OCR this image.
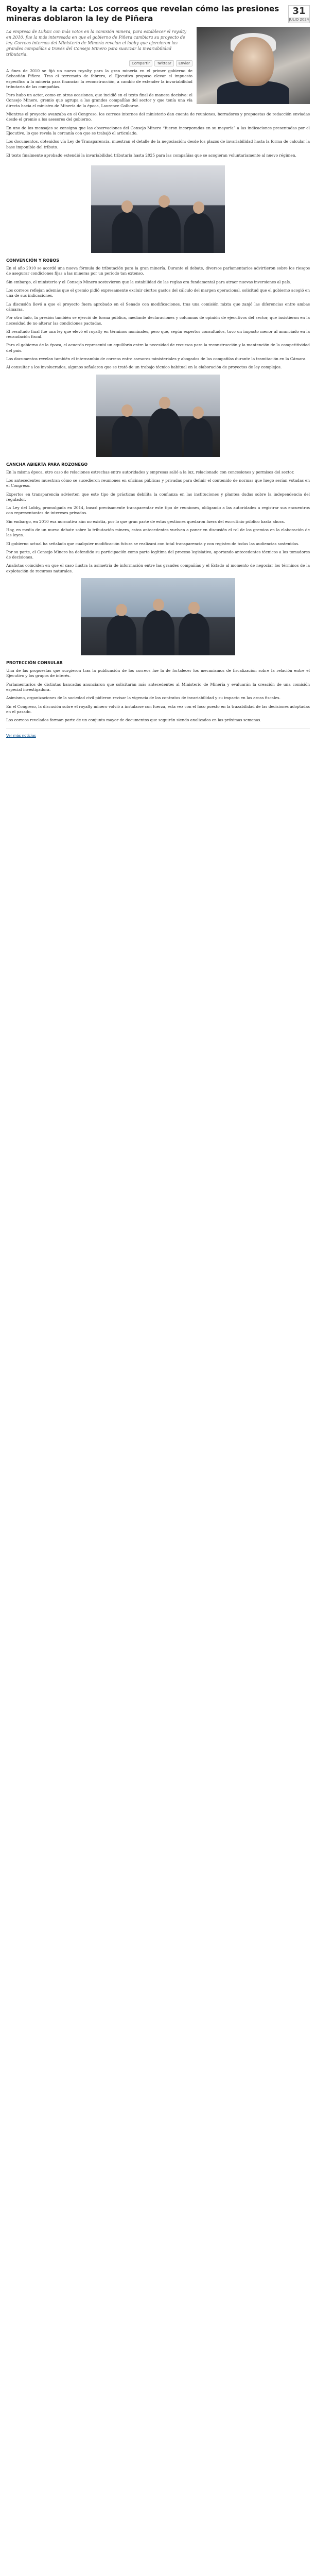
Royalty a la carta: Los correos que revelan cómo las presiones mineras doblaron la ley de Piñera
31
JULIO 2024
La empresa de Luksic con más votos en la comisión minera, para establecer el royalty en 2010, fue la más interesada en que el gobierno de Piñera cambiara su proyecto de ley. Correos internos del Ministerio de Minería revelan el lobby que ejercieron las grandes compañías a través del Consejo Minero para suavizar la invariabilidad tributaria.
Compartir	Twittear	Enviar

A fines de 2010 se fijó un nuevo royalty para la gran minería en el primer gobierno de Sebastián Piñera. Tras el terremoto de febrero, el Ejecutivo propuso elevar el impuesto específico a la minería para financiar la reconstrucción, a cambio de extender la invariabilidad tributaria de las compañías.

Pero hubo un actor, como en otras ocasiones, que incidió en el texto final de manera decisiva: el Consejo Minero, gremio que agrupa a las grandes compañías del sector y que tenía una vía directa hacia el ministro de Minería de la época, Laurence Golborne.

Mientras el proyecto avanzaba en el Congreso, los correos internos del ministerio dan cuenta de reuniones, borradores y propuestas de redacción enviadas desde el gremio a los asesores del gobierno.

En uno de los mensajes se consigna que las observaciones del Consejo Minero “fueron incorporadas en su mayoría” a las indicaciones presentadas por el Ejecutivo, lo que revela la cercanía con que se trabajó el articulado.

Los documentos, obtenidos vía Ley de Transparencia, muestran el detalle de la negociación: desde los plazos de invariabilidad hasta la forma de calcular la base imponible del tributo.

El texto finalmente aprobado extendió la invariabilidad tributaria hasta 2025 para las compañías que se acogieran voluntariamente al nuevo régimen.

CONVENCIÓN Y ROBOS

En el año 2010 se acordó una nueva fórmula de tributación para la gran minería. Durante el debate, diversos parlamentarios advirtieron sobre los riesgos de asegurar condiciones fijas a las mineras por un período tan extenso.

Sin embargo, el ministerio y el Consejo Minero sostuvieron que la estabilidad de las reglas era fundamental para atraer nuevas inversiones al país.

Los correos reflejan además que el gremio pidió expresamente excluir ciertos gastos del cálculo del margen operacional, solicitud que el gobierno acogió en una de sus indicaciones.

La discusión llevó a que el proyecto fuera aprobado en el Senado con modificaciones, tras una comisión mixta que zanjó las diferencias entre ambas cámaras.

Por otro lado, la presión también se ejerció de forma pública, mediante declaraciones y columnas de opinión de ejecutivos del sector, que insistieron en la necesidad de no alterar las condiciones pactadas.

El resultado final fue una ley que elevó el royalty en términos nominales, pero que, según expertos consultados, tuvo un impacto menor al anunciado en la recaudación fiscal.

Para el gobierno de la época, el acuerdo representó un equilibrio entre la necesidad de recursos para la reconstrucción y la mantención de la competitividad del país.

Los documentos revelan también el intercambio de correos entre asesores ministeriales y abogados de las compañías durante la tramitación en la Cámara.

Al consultar a los involucrados, algunos señalaron que se trató de un trabajo técnico habitual en la elaboración de proyectos de ley complejos.

CANCHA ABIERTA PARA ROZONEGO

En la misma época, otro caso de relaciones estrechas entre autoridades y empresas salió a la luz, relacionado con concesiones y permisos del sector.

Los antecedentes muestran cómo se sucedieron reuniones en oficinas públicas y privadas para definir el contenido de normas que luego serían votadas en el Congreso.

Expertos en transparencia advierten que este tipo de prácticas debilita la confianza en las instituciones y plantea dudas sobre la independencia del regulador.

La Ley del Lobby, promulgada en 2014, buscó precisamente transparentar este tipo de reuniones, obligando a las autoridades a registrar sus encuentros con representantes de intereses privados.

Sin embargo, en 2010 esa normativa aún no existía, por lo que gran parte de estas gestiones quedaron fuera del escrutinio público hasta ahora.

Hoy, en medio de un nuevo debate sobre la tributación minera, estos antecedentes vuelven a poner en discusión el rol de los gremios en la elaboración de las leyes.

El gobierno actual ha señalado que cualquier modificación futura se realizará con total transparencia y con registro de todas las audiencias sostenidas.

Por su parte, el Consejo Minero ha defendido su participación como parte legítima del proceso legislativo, aportando antecedentes técnicos a los tomadores de decisiones.

Analistas coinciden en que el caso ilustra la asimetría de información entre las grandes compañías y el Estado al momento de negociar los términos de la explotación de recursos naturales.

PROTECCIÓN CONSULAR

Una de las propuestas que surgieron tras la publicación de los correos fue la de fortalecer los mecanismos de fiscalización sobre la relación entre el Ejecutivo y los grupos de interés.

Parlamentarios de distintas bancadas anunciaron que solicitarán más antecedentes al Ministerio de Minería y evaluarán la creación de una comisión especial investigadora.

Asimismo, organizaciones de la sociedad civil pidieron revisar la vigencia de los contratos de invariabilidad y su impacto en las arcas fiscales.

En el Congreso, la discusión sobre el royalty minero volvió a instalarse con fuerza, esta vez con el foco puesto en la trazabilidad de las decisiones adoptadas en el pasado.

Los correos revelados forman parte de un conjunto mayor de documentos que seguirán siendo analizados en las próximas semanas.

Ver más noticias
